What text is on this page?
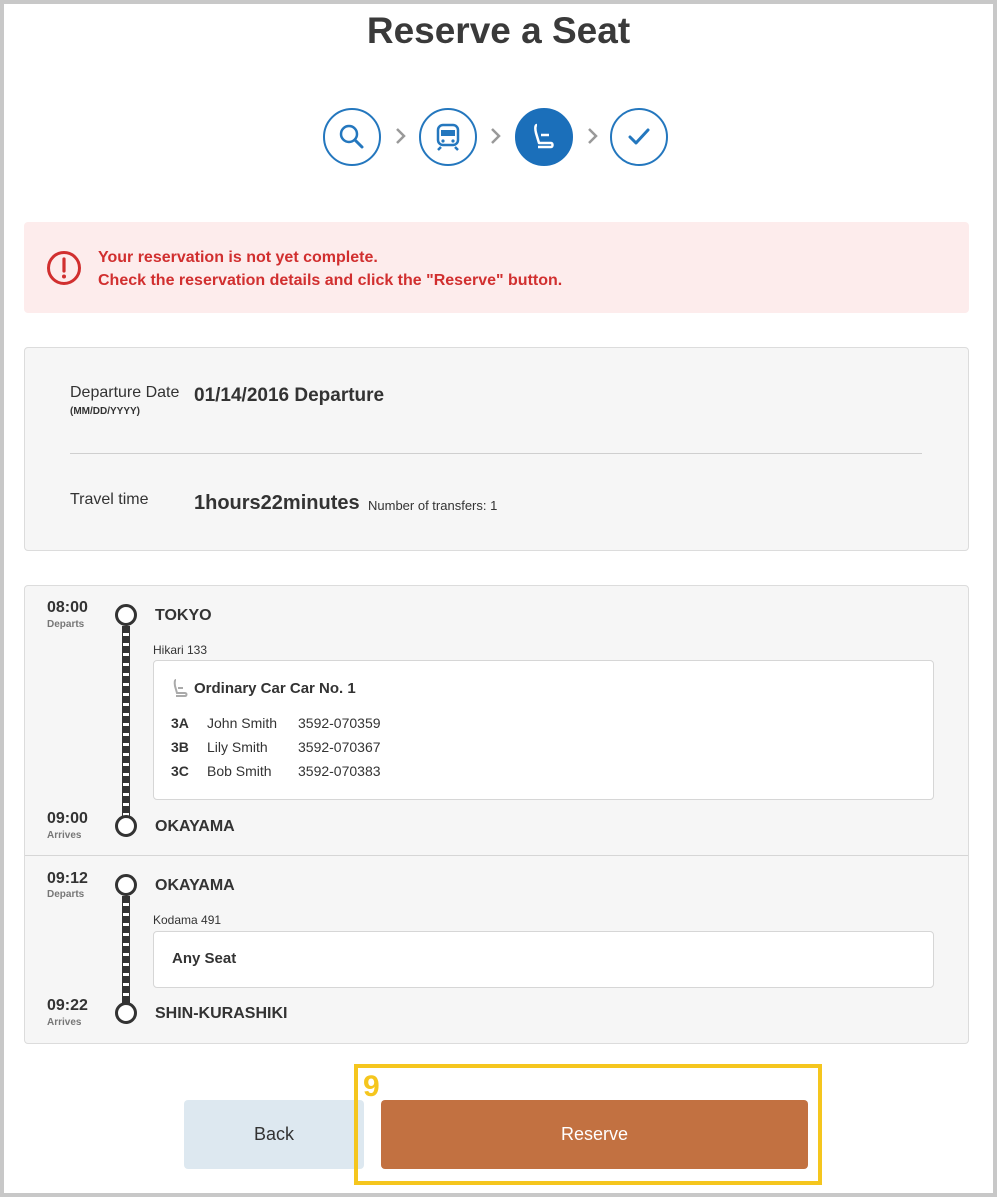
Reserve a Seat
Your reservation is not yet complete.
Check the reservation details and click the "Reserve" button.
Departure Date
(MM/DD/YYYY)
01/14/2016 Departure
Travel time 1hours22minutes Number of transfers: 1
08:00
Departs
TOKYO
Hikari 133
Ordinary Car Car No. 1
3A John Smith 3592-070359
3B Lily Smith 3592-070367
3C Bob Smith 3592-070383
09:00
Arrives
OKAYAMA
09:12
Departs
OKAYAMA
Kodama 491
Any Seat
09:22
Arrives
SHIN-KURASHIKI
Back	Reserve
9
